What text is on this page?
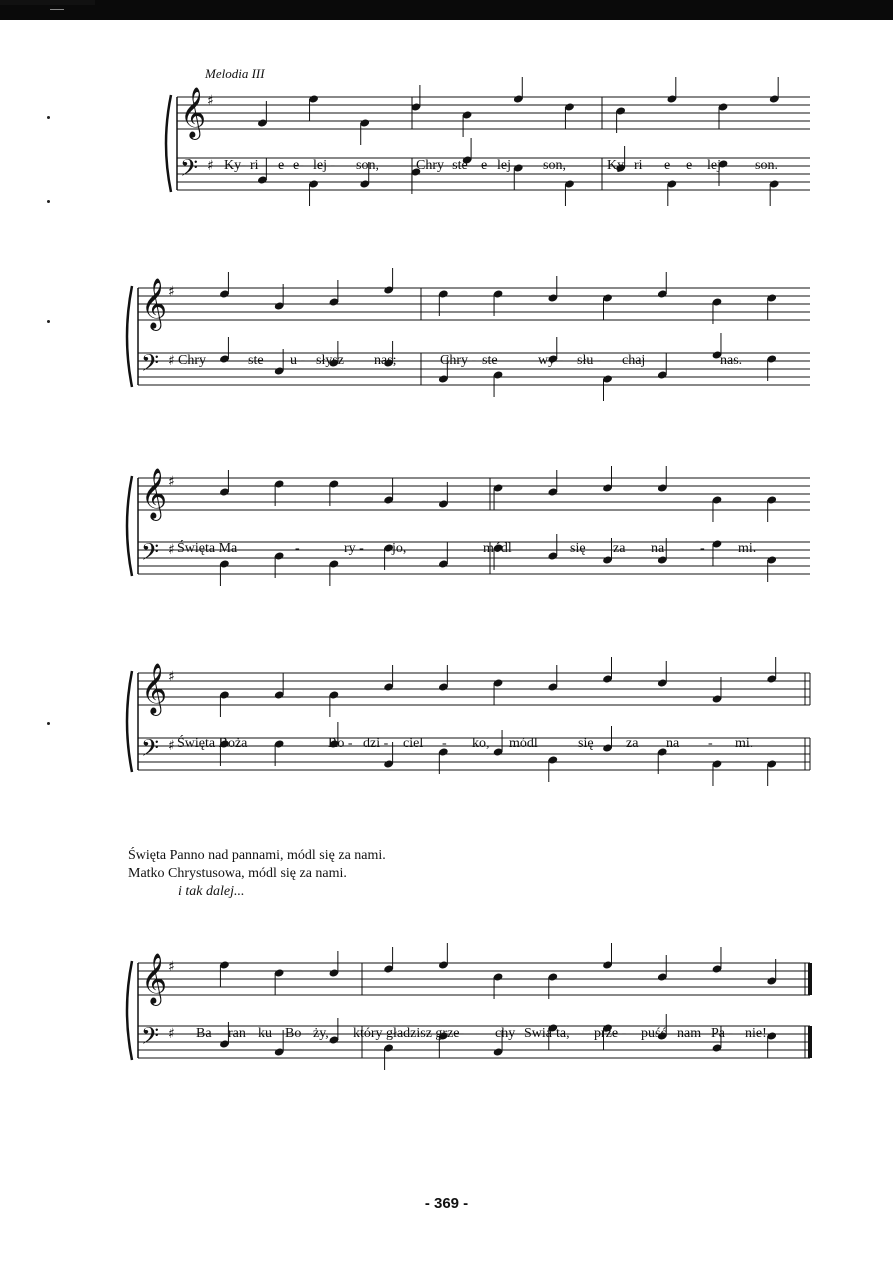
Melodia III
𝄞 ♯
𝄢 ♯
𝄞 ♯
𝄢 ♯
𝄞 ♯
𝄢 ♯
𝄞 ♯
𝄢 ♯
𝄞 ♯
𝄢 ♯
Ky- ri - e e- lej - son,	Chry - ste e- lej - son,	Ky- ri - e e- lej - son.
Chry - ste u - słysz nas;	Chry - ste	wy - słu - chaj	nas.
Święta Ma	-	ry - jo,	módl	się za na	- mi.
Święta Boża	Ro - dzi - ciel - ko, módl	się za na - mi.
Ba - ran- ku Bo - ży, który gładzisz grze- chy Swia ta, prze - puść nam Pa - nie!
Święta Panno nad pannami, módl się za nami.
Matko Chrystusowa, módl się za nami.
i tak dalej...
- 369 -
